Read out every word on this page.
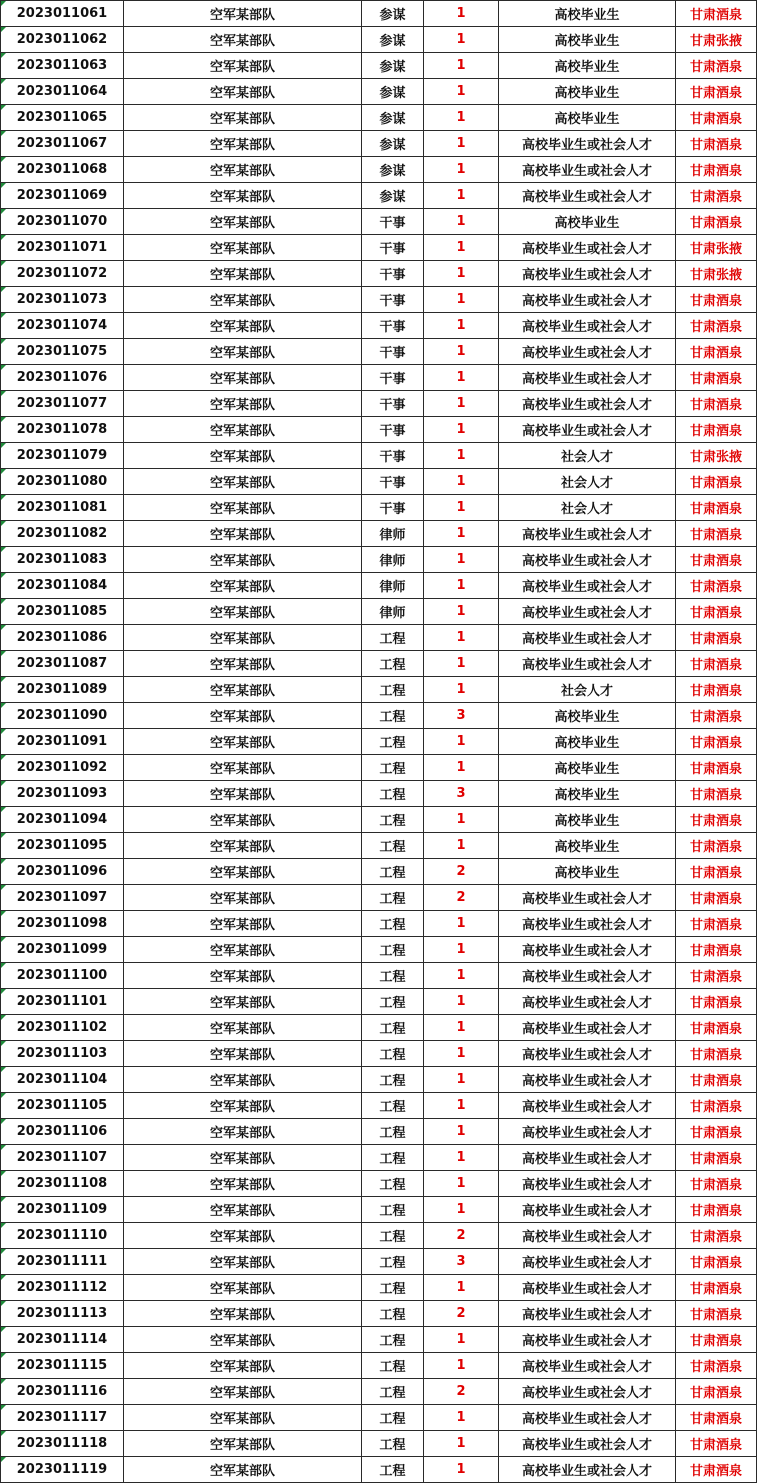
2023011061	空军某部队	参谋	1	高校毕业生	甘肃酒泉
2023011062	空军某部队	参谋	1	高校毕业生	甘肃张掖
2023011063	空军某部队	参谋	1	高校毕业生	甘肃酒泉
2023011064	空军某部队	参谋	1	高校毕业生	甘肃酒泉
2023011065	空军某部队	参谋	1	高校毕业生	甘肃酒泉
2023011067	空军某部队	参谋	1	高校毕业生或社会人才	甘肃酒泉
2023011068	空军某部队	参谋	1	高校毕业生或社会人才	甘肃酒泉
2023011069	空军某部队	参谋	1	高校毕业生或社会人才	甘肃酒泉
2023011070	空军某部队	干事	1	高校毕业生	甘肃酒泉
2023011071	空军某部队	干事	1	高校毕业生或社会人才	甘肃张掖
2023011072	空军某部队	干事	1	高校毕业生或社会人才	甘肃张掖
2023011073	空军某部队	干事	1	高校毕业生或社会人才	甘肃酒泉
2023011074	空军某部队	干事	1	高校毕业生或社会人才	甘肃酒泉
2023011075	空军某部队	干事	1	高校毕业生或社会人才	甘肃酒泉
2023011076	空军某部队	干事	1	高校毕业生或社会人才	甘肃酒泉
2023011077	空军某部队	干事	1	高校毕业生或社会人才	甘肃酒泉
2023011078	空军某部队	干事	1	高校毕业生或社会人才	甘肃酒泉
2023011079	空军某部队	干事	1	社会人才	甘肃张掖
2023011080	空军某部队	干事	1	社会人才	甘肃酒泉
2023011081	空军某部队	干事	1	社会人才	甘肃酒泉
2023011082	空军某部队	律师	1	高校毕业生或社会人才	甘肃酒泉
2023011083	空军某部队	律师	1	高校毕业生或社会人才	甘肃酒泉
2023011084	空军某部队	律师	1	高校毕业生或社会人才	甘肃酒泉
2023011085	空军某部队	律师	1	高校毕业生或社会人才	甘肃酒泉
2023011086	空军某部队	工程	1	高校毕业生或社会人才	甘肃酒泉
2023011087	空军某部队	工程	1	高校毕业生或社会人才	甘肃酒泉
2023011089	空军某部队	工程	1	社会人才	甘肃酒泉
2023011090	空军某部队	工程	3	高校毕业生	甘肃酒泉
2023011091	空军某部队	工程	1	高校毕业生	甘肃酒泉
2023011092	空军某部队	工程	1	高校毕业生	甘肃酒泉
2023011093	空军某部队	工程	3	高校毕业生	甘肃酒泉
2023011094	空军某部队	工程	1	高校毕业生	甘肃酒泉
2023011095	空军某部队	工程	1	高校毕业生	甘肃酒泉
2023011096	空军某部队	工程	2	高校毕业生	甘肃酒泉
2023011097	空军某部队	工程	2	高校毕业生或社会人才	甘肃酒泉
2023011098	空军某部队	工程	1	高校毕业生或社会人才	甘肃酒泉
2023011099	空军某部队	工程	1	高校毕业生或社会人才	甘肃酒泉
2023011100	空军某部队	工程	1	高校毕业生或社会人才	甘肃酒泉
2023011101	空军某部队	工程	1	高校毕业生或社会人才	甘肃酒泉
2023011102	空军某部队	工程	1	高校毕业生或社会人才	甘肃酒泉
2023011103	空军某部队	工程	1	高校毕业生或社会人才	甘肃酒泉
2023011104	空军某部队	工程	1	高校毕业生或社会人才	甘肃酒泉
2023011105	空军某部队	工程	1	高校毕业生或社会人才	甘肃酒泉
2023011106	空军某部队	工程	1	高校毕业生或社会人才	甘肃酒泉
2023011107	空军某部队	工程	1	高校毕业生或社会人才	甘肃酒泉
2023011108	空军某部队	工程	1	高校毕业生或社会人才	甘肃酒泉
2023011109	空军某部队	工程	1	高校毕业生或社会人才	甘肃酒泉
2023011110	空军某部队	工程	2	高校毕业生或社会人才	甘肃酒泉
2023011111	空军某部队	工程	3	高校毕业生或社会人才	甘肃酒泉
2023011112	空军某部队	工程	1	高校毕业生或社会人才	甘肃酒泉
2023011113	空军某部队	工程	2	高校毕业生或社会人才	甘肃酒泉
2023011114	空军某部队	工程	1	高校毕业生或社会人才	甘肃酒泉
2023011115	空军某部队	工程	1	高校毕业生或社会人才	甘肃酒泉
2023011116	空军某部队	工程	2	高校毕业生或社会人才	甘肃酒泉
2023011117	空军某部队	工程	1	高校毕业生或社会人才	甘肃酒泉
2023011118	空军某部队	工程	1	高校毕业生或社会人才	甘肃酒泉
2023011119	空军某部队	工程	1	高校毕业生或社会人才	甘肃酒泉
